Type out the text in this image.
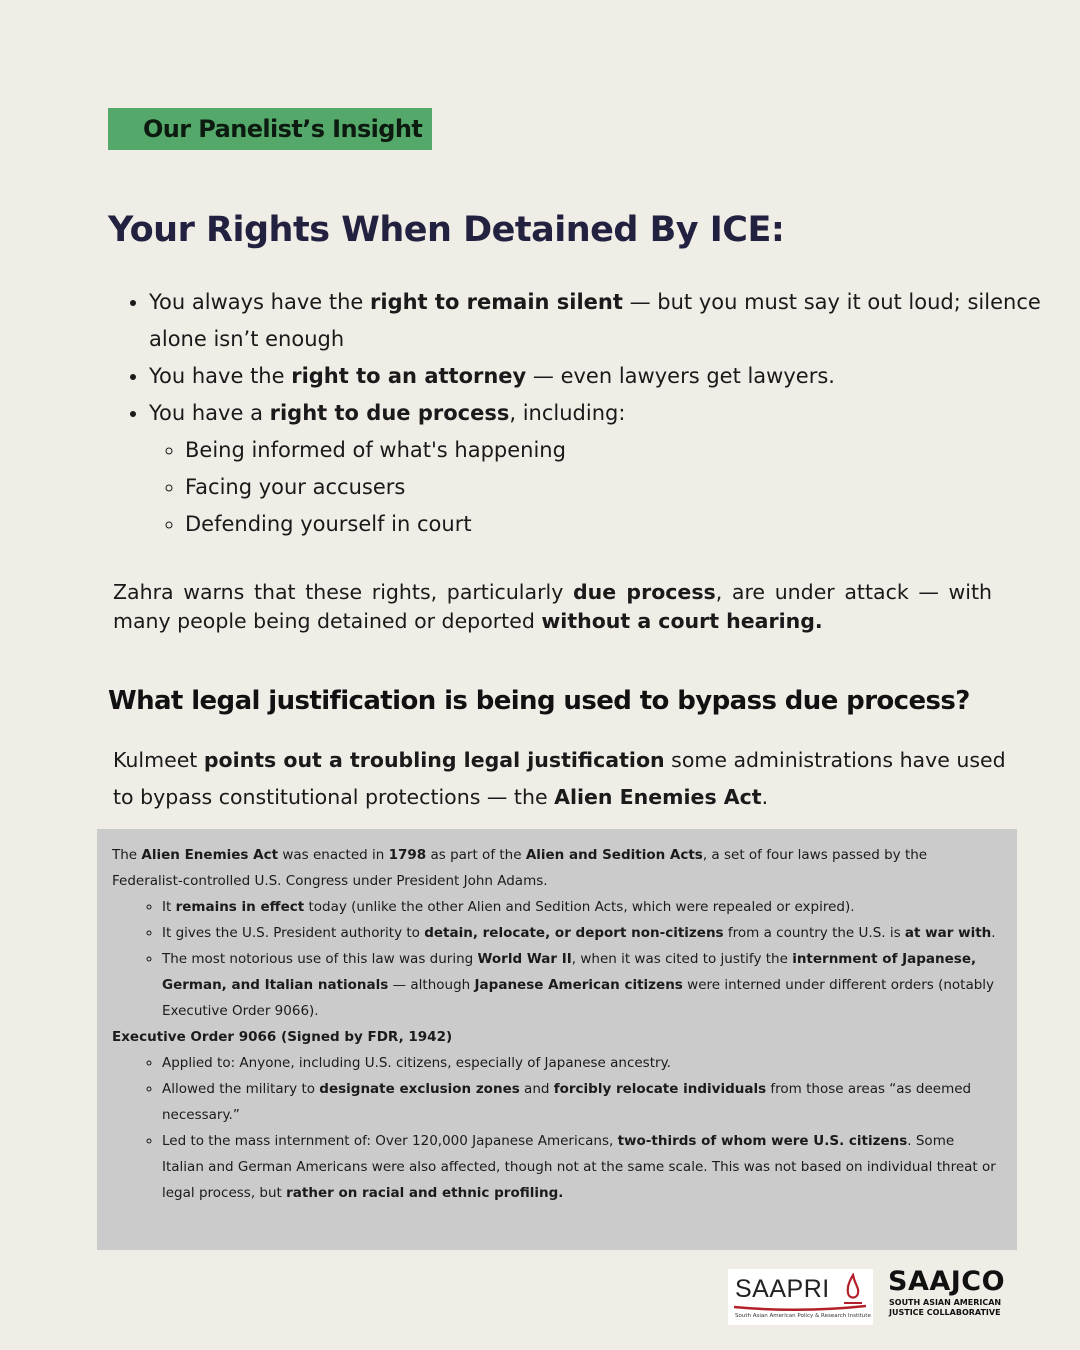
Our Panelist’s Insight
Your Rights When Detained By ICE:
• You always have the right to remain silent — but you must say it out loud; silence alone isn’t enough
• You have the right to an attorney — even lawyers get lawyers.
• You have a right to due process, including:
◦ Being informed of what's happening
◦ Facing your accusers
◦ Defending yourself in court

Zahra warns that these rights, particularly due process, are under attack — with many people being detained or deported without a court hearing.

What legal justification is being used to bypass due process?

Kulmeet points out a troubling legal justification some administrations have used to bypass constitutional protections — the Alien Enemies Act.

The Alien Enemies Act was enacted in 1798 as part of the Alien and Sedition Acts, a set of four laws passed by the Federalist-controlled U.S. Congress under President John Adams.

◦ It remains in effect today (unlike the other Alien and Sedition Acts, which were repealed or expired).
◦ It gives the U.S. President authority to detain, relocate, or deport non-citizens from a country the U.S. is at war with.
◦ The most notorious use of this law was during World War II, when it was cited to justify the internment of Japanese, German, and Italian nationals — although Japanese American citizens were interned under different orders (notably Executive Order 9066).

Executive Order 9066 (Signed by FDR, 1942)

◦ Applied to: Anyone, including U.S. citizens, especially of Japanese ancestry.
◦ Allowed the military to designate exclusion zones and forcibly relocate individuals from those areas “as deemed necessary.”
◦ Led to the mass internment of: Over 120,000 Japanese Americans, two-thirds of whom were U.S. citizens. Some Italian and German Americans were also affected, though not at the same scale. This was not based on individual threat or legal process, but rather on racial and ethnic profiling.
SAAPRI
South Asian American Policy & Research Institute
SAAJCO
SOUTH ASIAN AMERICAN JUSTICE COLLABORATIVE
